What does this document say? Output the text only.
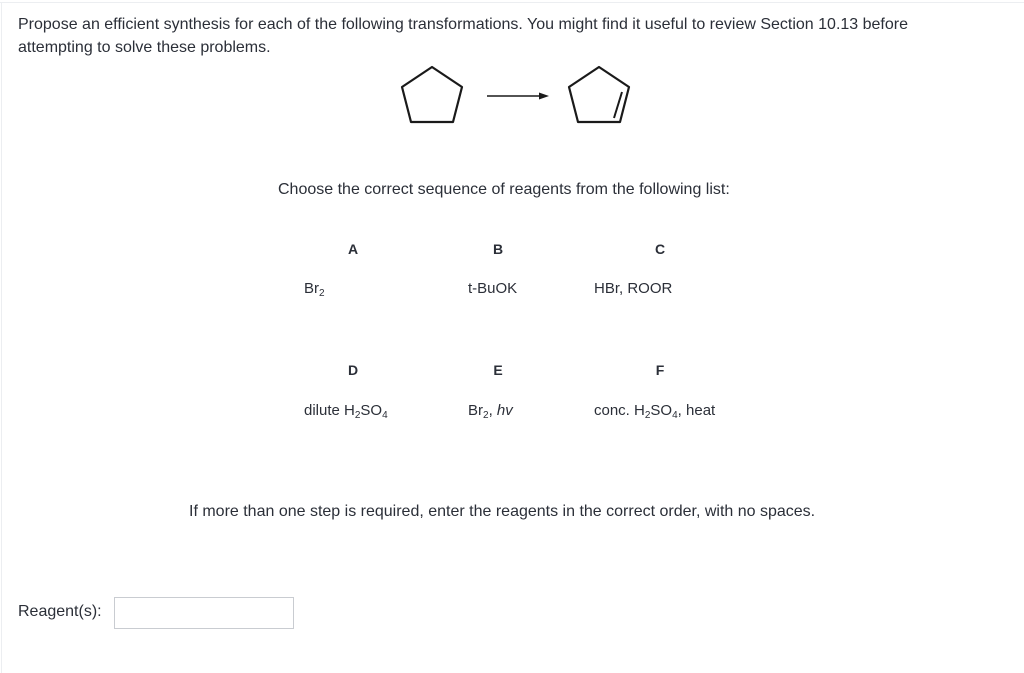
Propose an efficient synthesis for each of the following transformations. You might find it useful to review Section 10.13 before attempting to solve these problems.
Choose the correct sequence of reagents from the following list:
A	B	C
$Br_2$	t-BuOK	HBr, ROOR
D	E	F
dilute $H_2SO_4$	$Br_2$, hv	conc. $H_2SO_4$, heat
If more than one step is required, enter the reagents in the correct order, with no spaces.
Reagent(s):
